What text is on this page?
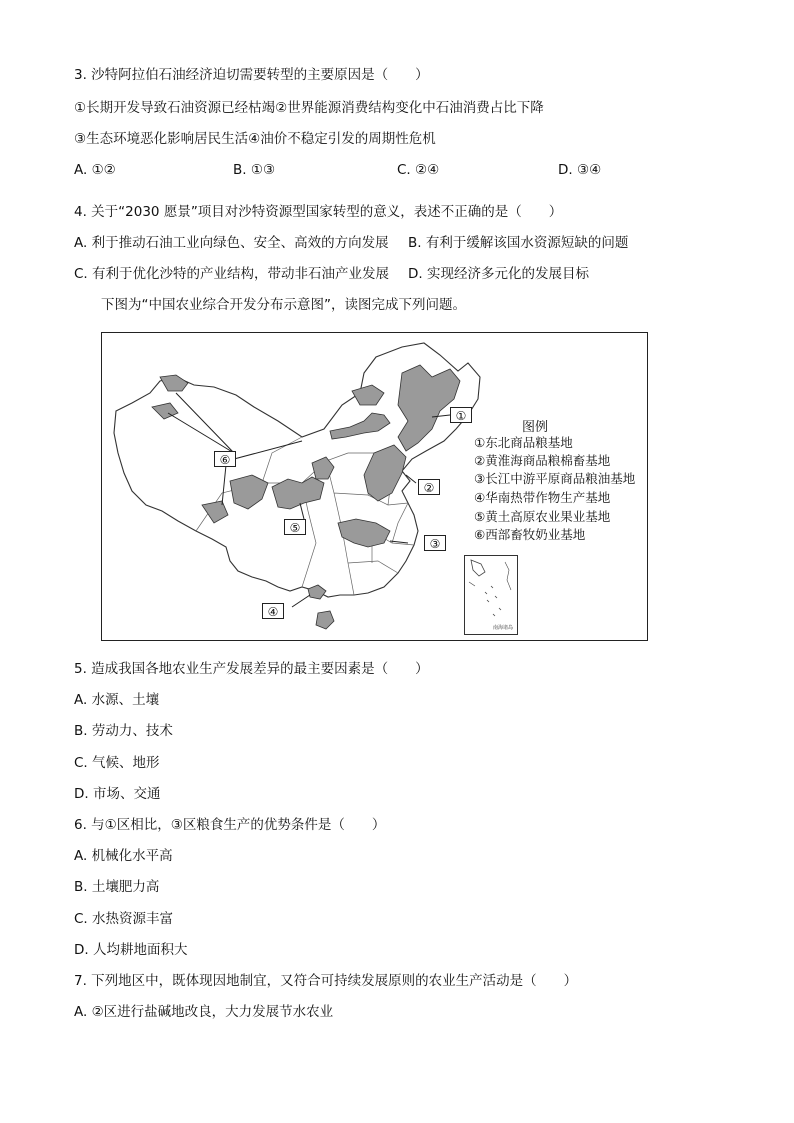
3. 沙特阿拉伯石油经济迫切需要转型的主要原因是（　　）
①长期开发导致石油资源已经枯竭②世界能源消费结构变化中石油消费占比下降
③生态环境恶化影响居民生活④油价不稳定引发的周期性危机
A. ①②	B. ①③	C. ②④	D. ③④
4. 关于“2030 愿景”项目对沙特资源型国家转型的意义，表述不正确的是（　　）
A. 利于推动石油工业向绿色、安全、高效的方向发展 B. 有利于缓解该国水资源短缺的问题
C. 有利于优化沙特的产业结构，带动非石油产业发展 D. 实现经济多元化的发展目标
下图为“中国农业综合开发分布示意图”，读图完成下列问题。
①
②
③
④
⑤
⑥
图例
①东北商品粮基地
②黄淮海商品粮棉畜基地
③长江中游平原商品粮油基地
④华南热带作物生产基地
⑤黄土高原农业果业基地
⑥西部畜牧奶业基地
南海诸岛
5. 造成我国各地农业生产发展差异的最主要因素是（　　）
A. 水源、土壤
B. 劳动力、技术
C. 气候、地形
D. 市场、交通
6. 与①区相比，③区粮食生产的优势条件是（　　）
A. 机械化水平高
B. 土壤肥力高
C. 水热资源丰富
D. 人均耕地面积大
7. 下列地区中，既体现因地制宜，又符合可持续发展原则的农业生产活动是（　　）
A. ②区进行盐碱地改良，大力发展节水农业
